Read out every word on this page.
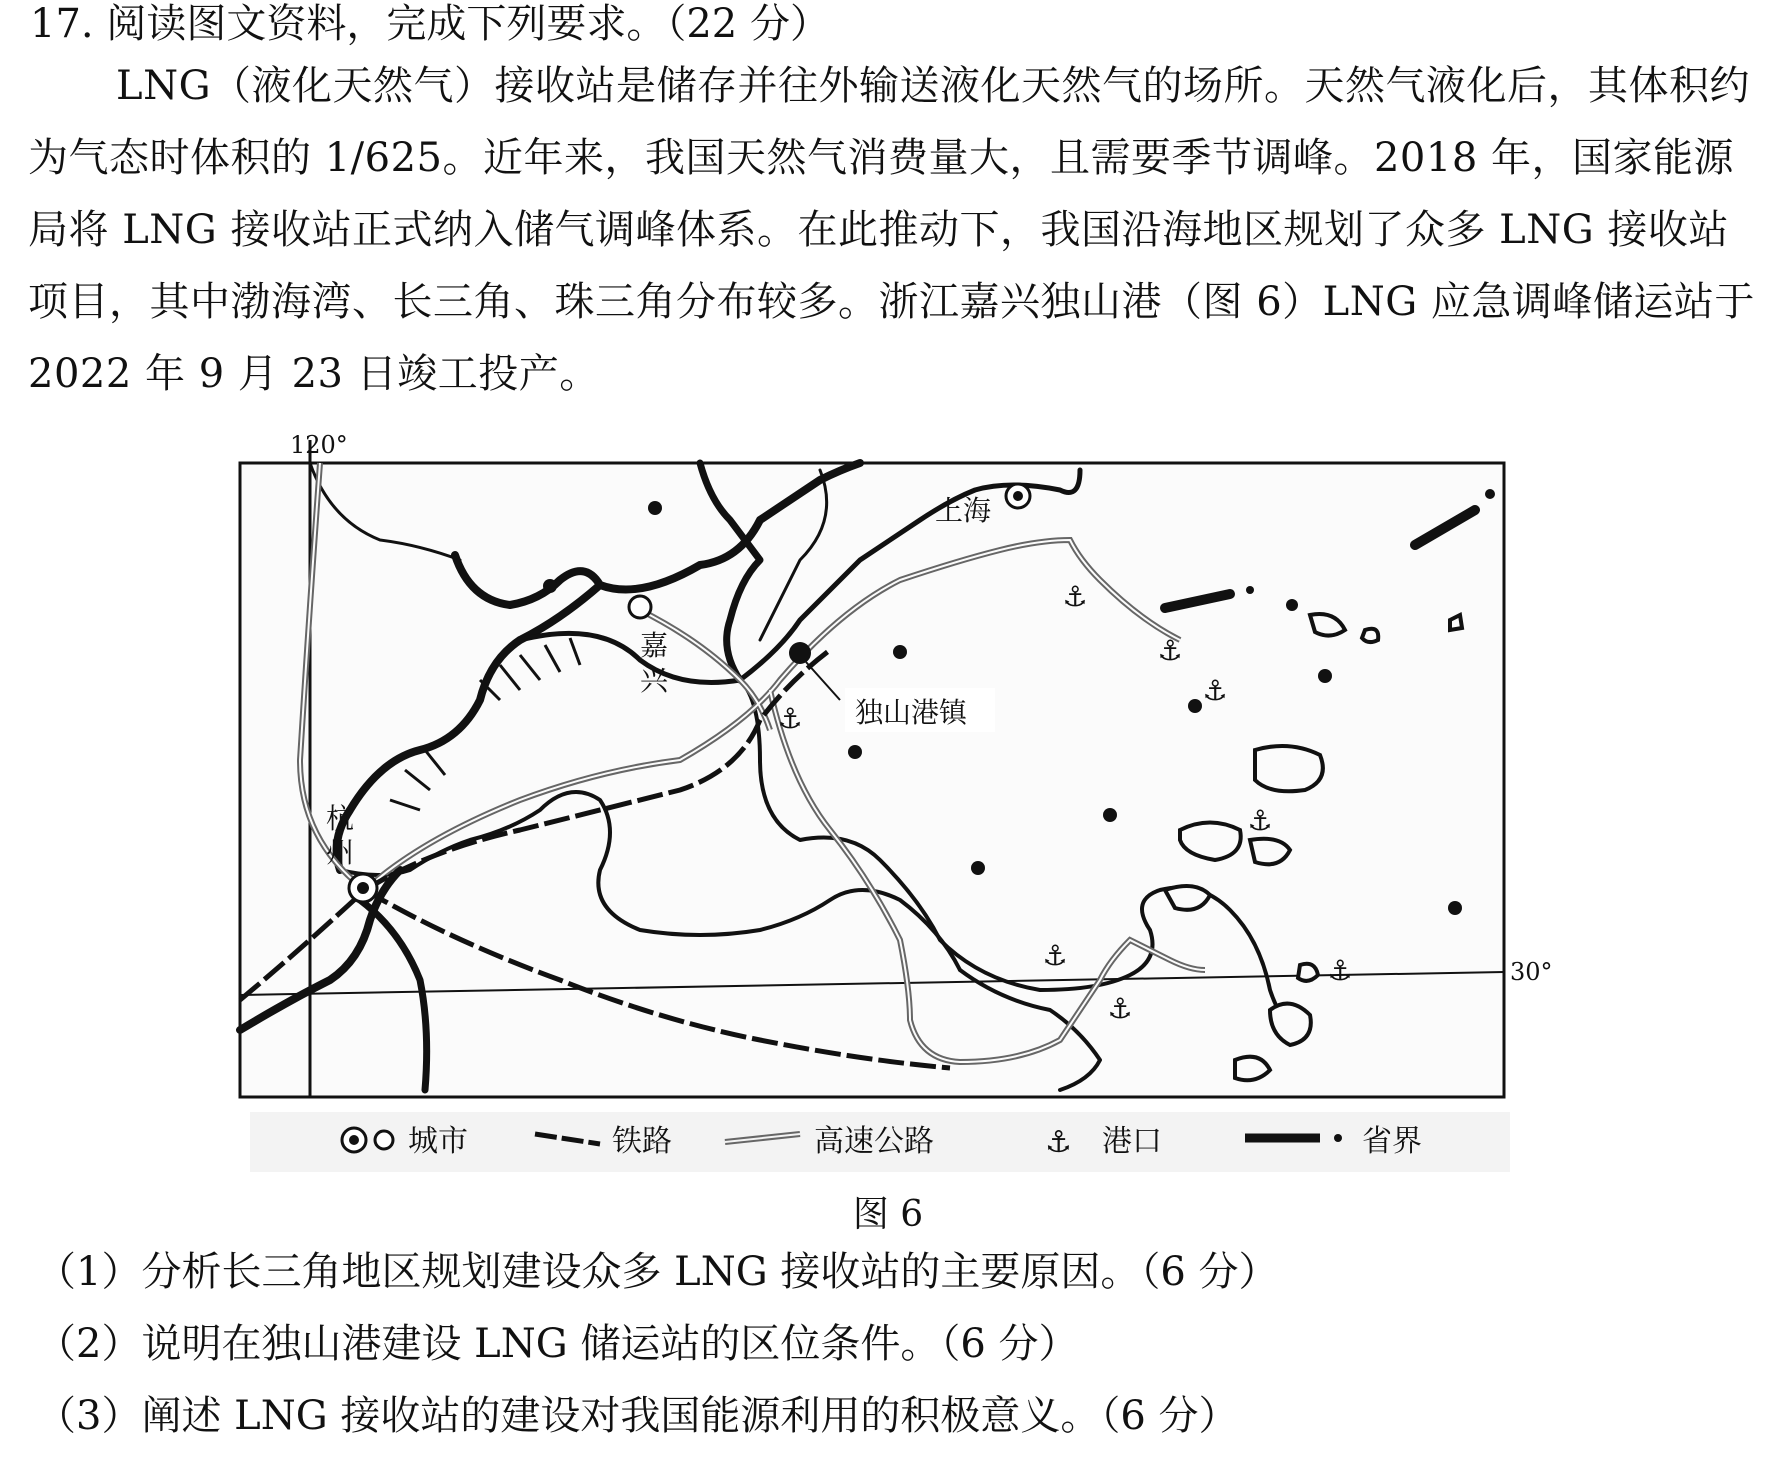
17. 阅读图文资料，完成下列要求。（22 分）
LNG（液化天然气）接收站是储存并往外输送液化天然气的场所。天然气液化后，其体积约为气态时体积的 1/625。近年来，我国天然气消费量大，且需要季节调峰。2018 年，国家能源局将 LNG 接收站正式纳入储气调峰体系。在此推动下，我国沿海地区规划了众多 LNG 接收站项目，其中渤海湾、长三角、珠三角分布较多。浙江嘉兴独山港（图 6）LNG 应急调峰储运站于 2022 年 9 月 23 日竣工投产。
120°
30°
⚓
⚓
⚓
⚓
⚓
⚓
⚓
⚓
上海
嘉
兴
独山港镇
杭
州
城市	铁路	高速公路	⚓ 港口	省界
图 6
（1）分析长三角地区规划建设众多 LNG 接收站的主要原因。（6 分）
（2）说明在独山港建设 LNG 储运站的区位条件。（6 分）
（3）阐述 LNG 接收站的建设对我国能源利用的积极意义。（6 分）
